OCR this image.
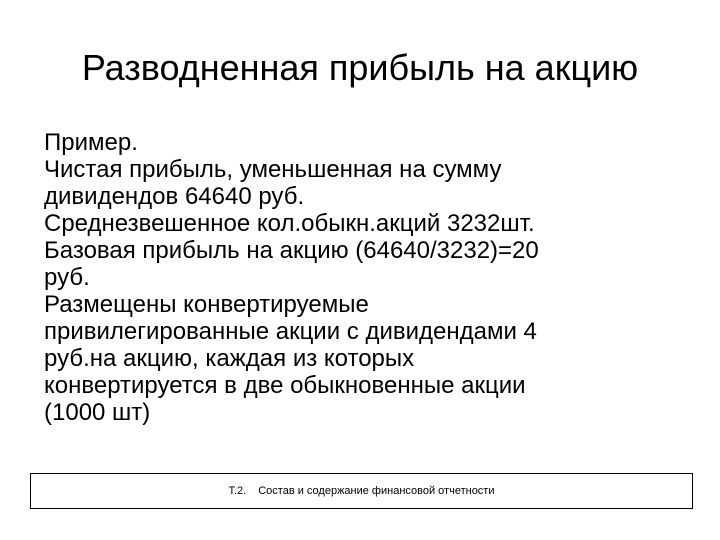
Разводненная прибыль на акцию
Пример.
Чистая прибыль, уменьшенная на сумму
дивидендов 64640 руб.
Среднезвешенное кол.обыкн.акций 3232шт.
Базовая прибыль на акцию (64640/3232)=20
руб.
Размещены конвертируемые
привилегированные акции с дивидендами 4
руб.на акцию, каждая из которых
конвертируется в две обыкновенные акции
(1000 шт)
Т.2. Состав и содержание финансовой отчетности
